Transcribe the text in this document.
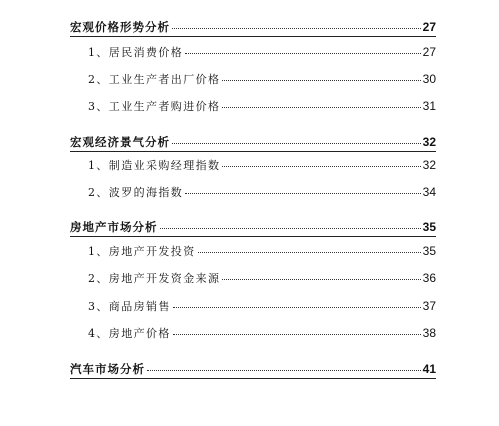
宏观价格形势分析	27
1、居民消费价格	27
2、工业生产者出厂价格	30
3、工业生产者购进价格	31
宏观经济景气分析	32
1、制造业采购经理指数	32
2、波罗的海指数	34
房地产市场分析	35
1、房地产开发投资	35
2、房地产开发资金来源	36
3、商品房销售	37
4、房地产价格	38
汽车市场分析	41
